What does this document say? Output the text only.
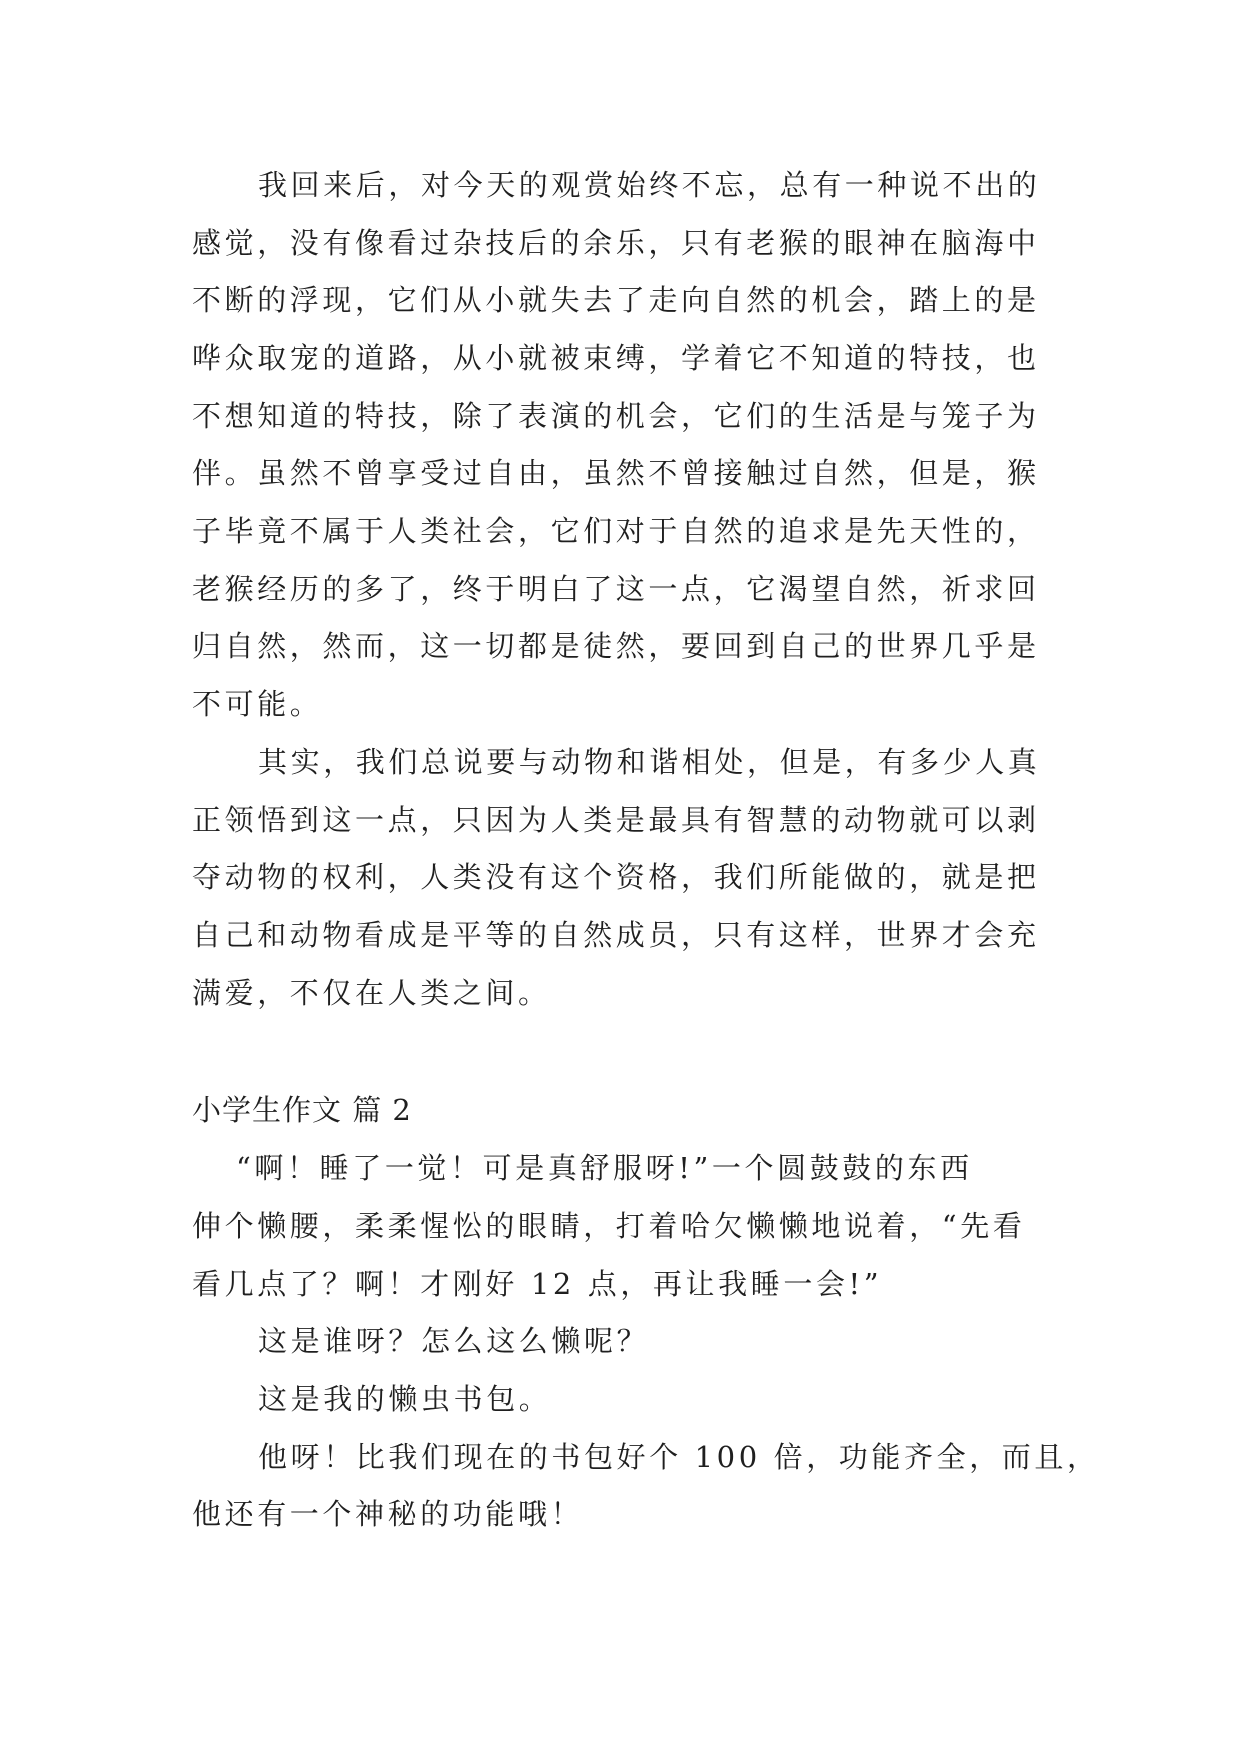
我回来后，对今天的观赏始终不忘，总有一种说不出的
感觉，没有像看过杂技后的余乐，只有老猴的眼神在脑海中
不断的浮现，它们从小就失去了走向自然的机会，踏上的是
哗众取宠的道路，从小就被束缚，学着它不知道的特技，也
不想知道的特技，除了表演的机会，它们的生活是与笼子为
伴。虽然不曾享受过自由，虽然不曾接触过自然，但是，猴
子毕竟不属于人类社会，它们对于自然的追求是先天性的，
老猴经历的多了，终于明白了这一点，它渴望自然，祈求回
归自然，然而，这一切都是徒然，要回到自己的世界几乎是
不可能。
其实，我们总说要与动物和谐相处，但是，有多少人真
正领悟到这一点，只因为人类是最具有智慧的动物就可以剥
夺动物的权利，人类没有这个资格，我们所能做的，就是把
自己和动物看成是平等的自然成员，只有这样，世界才会充
满爱，不仅在人类之间。
小学生作文 篇 2
“啊！睡了一觉！可是真舒服呀!”一个圆鼓鼓的东西
伸个懒腰，柔柔惺忪的眼睛，打着哈欠懒懒地说着，“先看
看几点了？啊！才刚好 12 点，再让我睡一会!”
这是谁呀？怎么这么懒呢？
这是我的懒虫书包。
他呀！比我们现在的书包好个 100 倍，功能齐全，而且，
他还有一个神秘的功能哦！
